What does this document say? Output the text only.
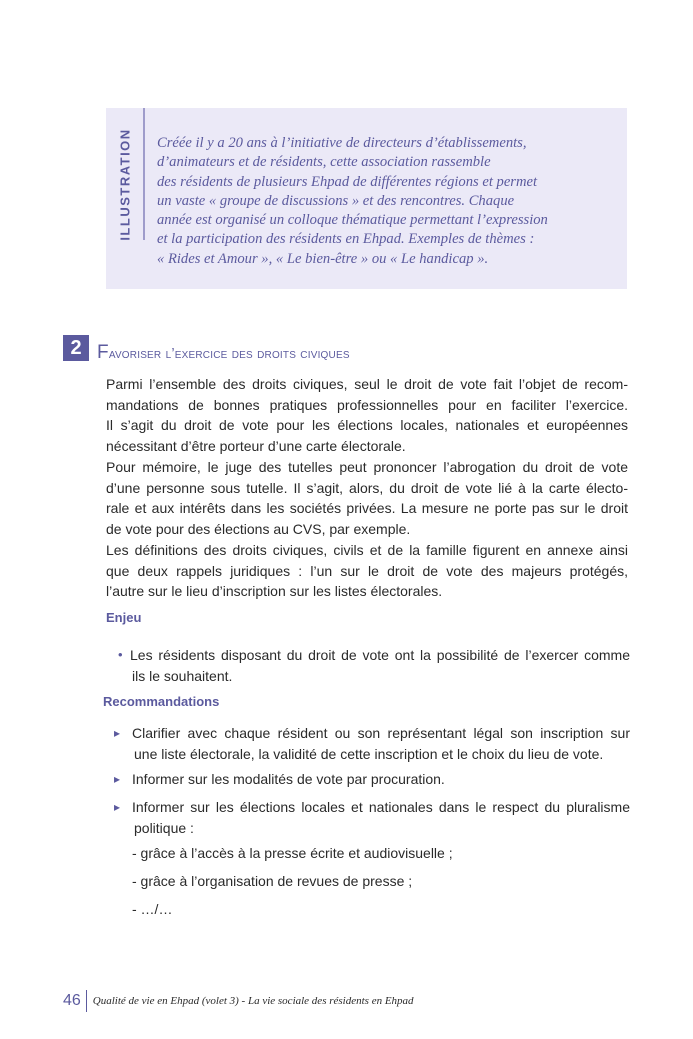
ILLUSTRATION Créée il y a 20 ans à l’initiative de directeurs d’établissements,
d’animateurs et de résidents, cette association rassemble
des résidents de plusieurs Ehpad de différentes régions et permet
un vaste « groupe de discussions » et des rencontres. Chaque
année est organisé un colloque thématique permettant l’expression
et la participation des résidents en Ehpad. Exemples de thèmes :
« Rides et Amour », « Le bien-être » ou « Le handicap ».
2	Favoriser l’exercice des droits civiques
Parmi l’ensemble des droits civiques, seul le droit de vote fait l’objet de recom-
mandations de bonnes pratiques professionnelles pour en faciliter l’exercice.
Il s’agit du droit de vote pour les élections locales, nationales et européennes
nécessitant d’être porteur d’une carte électorale.
Pour mémoire, le juge des tutelles peut prononcer l’abrogation du droit de vote
d’une personne sous tutelle. Il s’agit, alors, du droit de vote lié à la carte électo-
rale et aux intérêts dans les sociétés privées. La mesure ne porte pas sur le droit
de vote pour des élections au CVS, par exemple.
Les définitions des droits civiques, civils et de la famille figurent en annexe ainsi
que deux rappels juridiques : l’un sur le droit de vote des majeurs protégés,
l’autre sur le lieu d’inscription sur les listes électorales.
Enjeu
• Les résidents disposant du droit de vote ont la possibilité de l’exercer comme
ils le souhaitent.
Recommandations
▸ Clarifier avec chaque résident ou son représentant légal son inscription sur
une liste électorale, la validité de cette inscription et le choix du lieu de vote.
▸ Informer sur les modalités de vote par procuration.
▸ Informer sur les élections locales et nationales dans le respect du pluralisme
politique :
- grâce à l’accès à la presse écrite et audiovisuelle ;
- grâce à l’organisation de revues de presse ;
- …/…
46 Qualité de vie en Ehpad (volet 3) - La vie sociale des résidents en Ehpad
